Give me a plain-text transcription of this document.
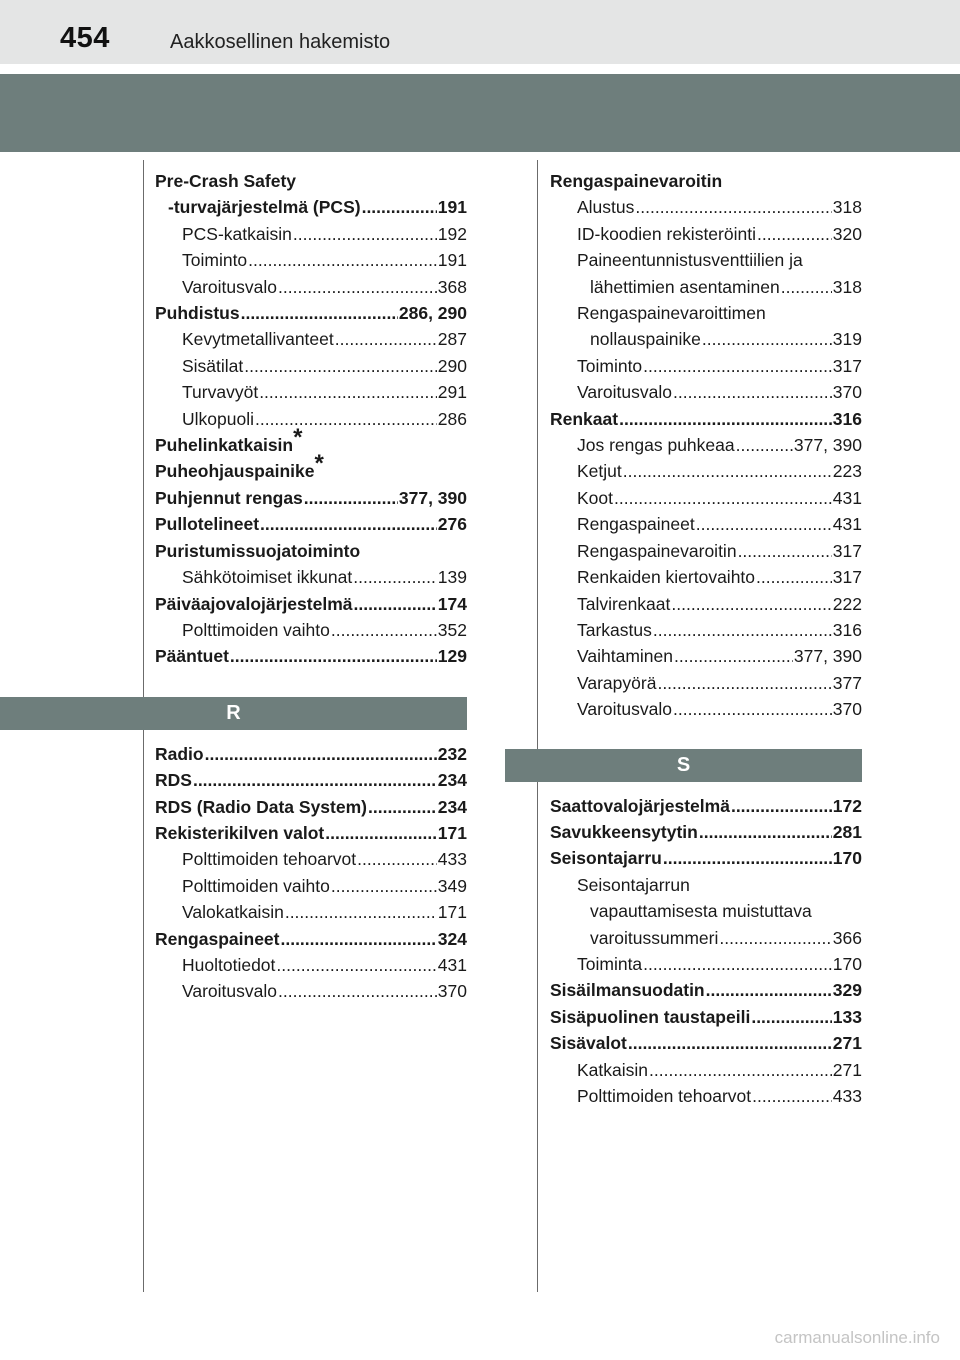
454	Aakkosellinen hakemisto
Pre-Crash Safety
-turvajärjestelmä (PCS) .....	191
PCS-katkaisin .....	192
Toiminto .....	191
Varoitusvalo .....	368
Puhdistus .....	286, 290
Kevytmetallivanteet .....	287
Sisätilat .....	290
Turvavyöt .....	291
Ulkopuoli .....	286
Puhelinkatkaisin*
Puheohjauspainike*
Puhjennut rengas .....	377, 390
Pullotelineet .....	276
Puristumissuojatoiminto
Sähkötoimiset ikkunat .....	139
Päiväajovalojärjestelmä .....	174
Polttimoiden vaihto .....	352
Pääntuet .....	129
R
Radio .....	232
RDS .....	234
RDS (Radio Data System) .....	234
Rekisterikilven valot .....	171
Polttimoiden tehoarvot .....	433
Polttimoiden vaihto .....	349
Valokatkaisin .....	171
Rengaspaineet .....	324
Huoltotiedot .....	431
Varoitusvalo .....	370
Rengaspainevaroitin
Alustus .....	318
ID-koodien rekisteröinti .....	320
Paineentunnistusventtiilien ja
lähettimien asentaminen .....	318
Rengaspainevaroittimen
nollauspainike .....	319
Toiminto .....	317
Varoitusvalo .....	370
Renkaat .....	316
Jos rengas puhkeaa .....	377, 390
Ketjut .....	223
Koot .....	431
Rengaspaineet .....	431
Rengaspainevaroitin .....	317
Renkaiden kiertovaihto .....	317
Talvirenkaat .....	222
Tarkastus .....	316
Vaihtaminen .....	377, 390
Varapyörä .....	377
Varoitusvalo .....	370
S
Saattovalojärjestelmä .....	172
Savukkeensytytin .....	281
Seisontajarru .....	170
Seisontajarrun
vapauttamisesta muistuttava
varoitussummeri .....	366
Toiminta .....	170
Sisäilmansuodatin .....	329
Sisäpuolinen taustapeili .....	133
Sisävalot .....	271
Katkaisin .....	271
Polttimoiden tehoarvot .....	433
carmanualsonline.info
